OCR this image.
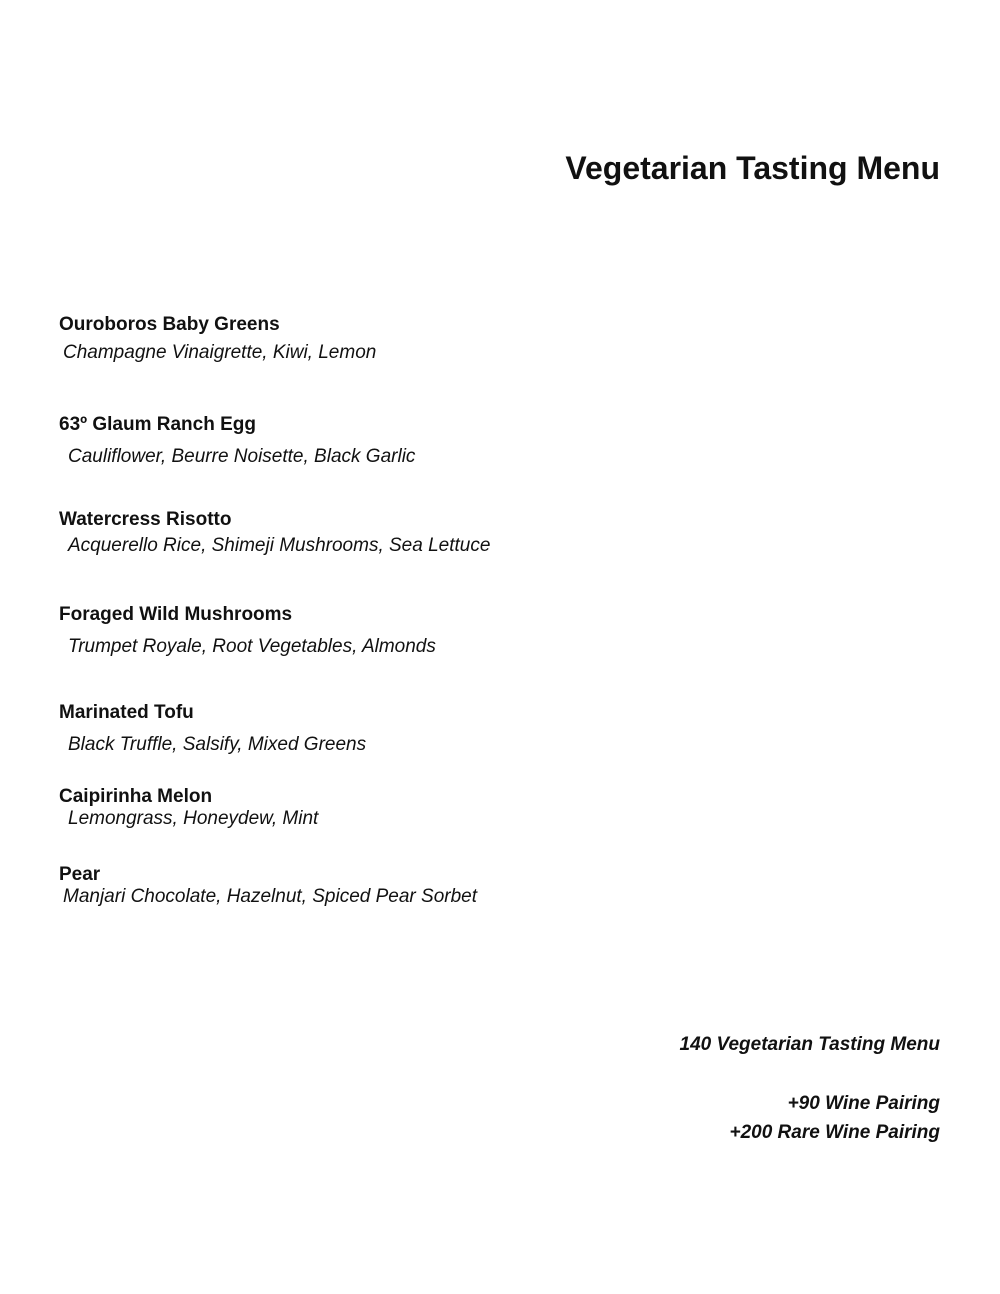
Vegetarian Tasting Menu

Ouroboros Baby Greens

Champagne Vinaigrette, Kiwi, Lemon

63º Glaum Ranch Egg

Cauliflower, Beurre Noisette, Black Garlic

Watercress Risotto

Acquerello Rice, Shimeji Mushrooms, Sea Lettuce

Foraged Wild Mushrooms

Trumpet Royale, Root Vegetables, Almonds

Marinated Tofu

Black Truffle, Salsify, Mixed Greens

Caipirinha Melon

Lemongrass, Honeydew, Mint

Pear

Manjari Chocolate, Hazelnut, Spiced Pear Sorbet

140 Vegetarian Tasting Menu
+90 Wine Pairing
+200 Rare Wine Pairing
